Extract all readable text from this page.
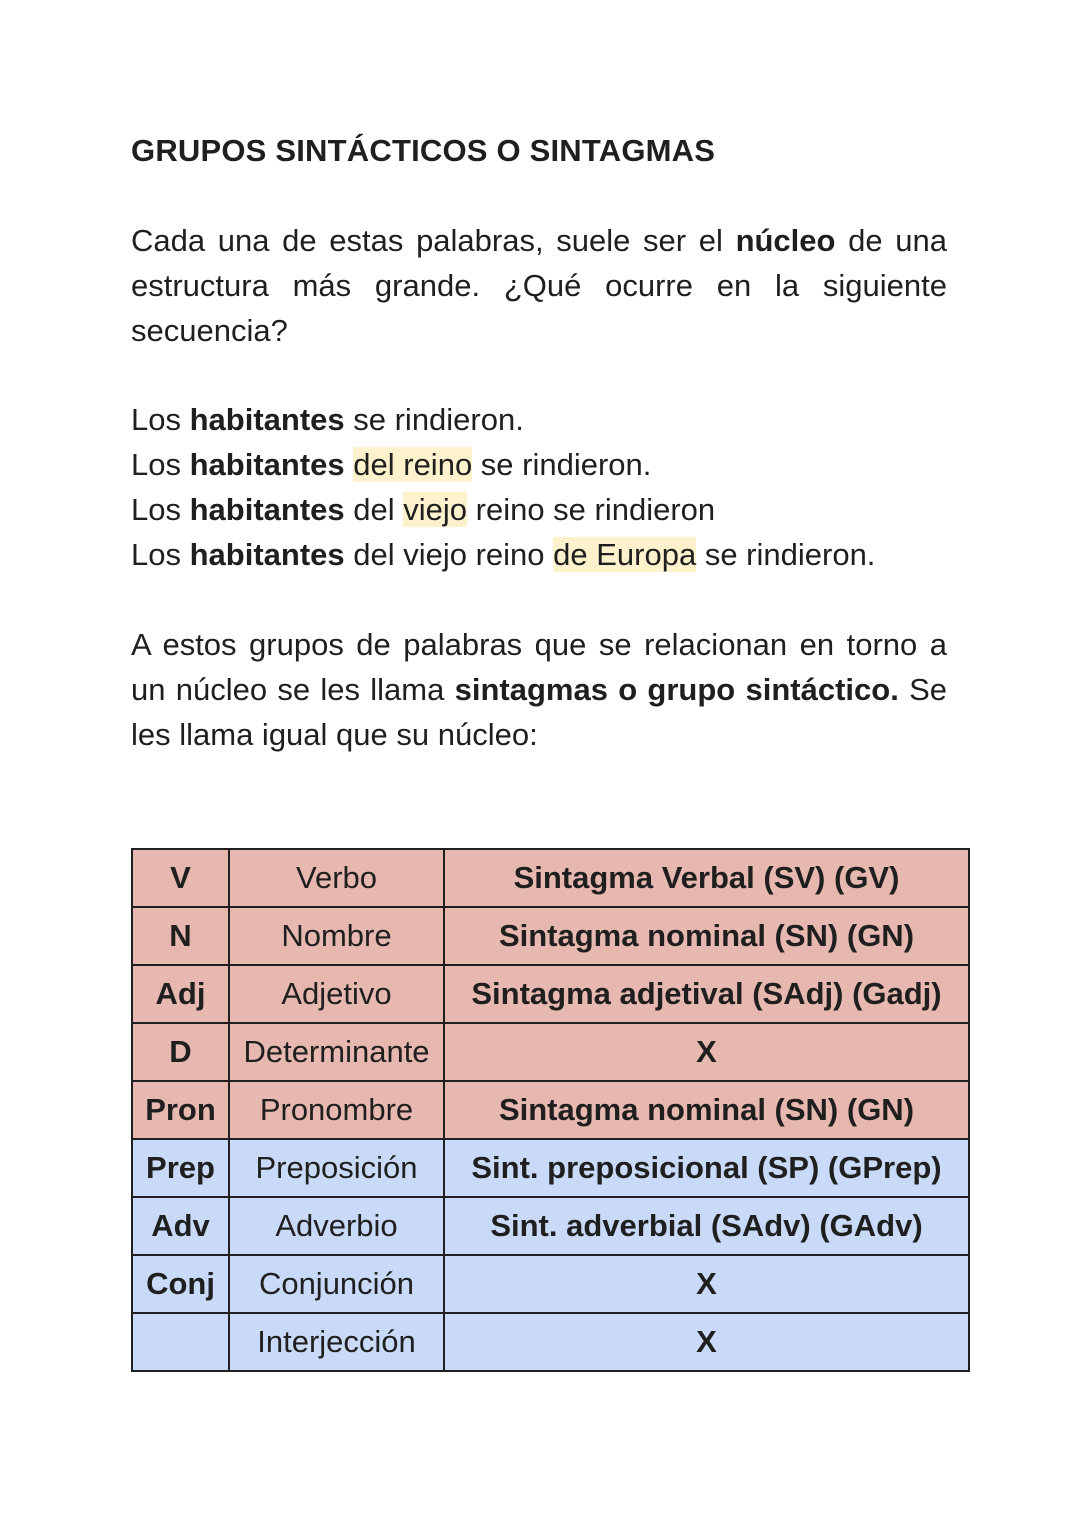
GRUPOS SINTÁCTICOS O SINTAGMAS

Cada una de estas palabras, suele ser el núcleo de una estructura más grande. ¿Qué ocurre en la siguiente secuencia?

Los habitantes se rindieron.
Los habitantes del reino se rindieron.
Los habitantes del viejo reino se rindieron
Los habitantes del viejo reino de Europa se rindieron.

A estos grupos de palabras que se relacionan en torno a un núcleo se les llama sintagmas o grupo sintáctico. Se les llama igual que su núcleo:

V	Verbo	Sintagma Verbal (SV) (GV)
N	Nombre	Sintagma nominal (SN) (GN)
Adj	Adjetivo	Sintagma adjetival (SAdj) (Gadj)
D	Determinante	X
Pron	Pronombre	Sintagma nominal (SN) (GN)
Prep	Preposición	Sint. preposicional (SP) (GPrep)
Adv	Adverbio	Sint. adverbial (SAdv) (GAdv)
Conj	Conjunción	X
	Interjección	X
